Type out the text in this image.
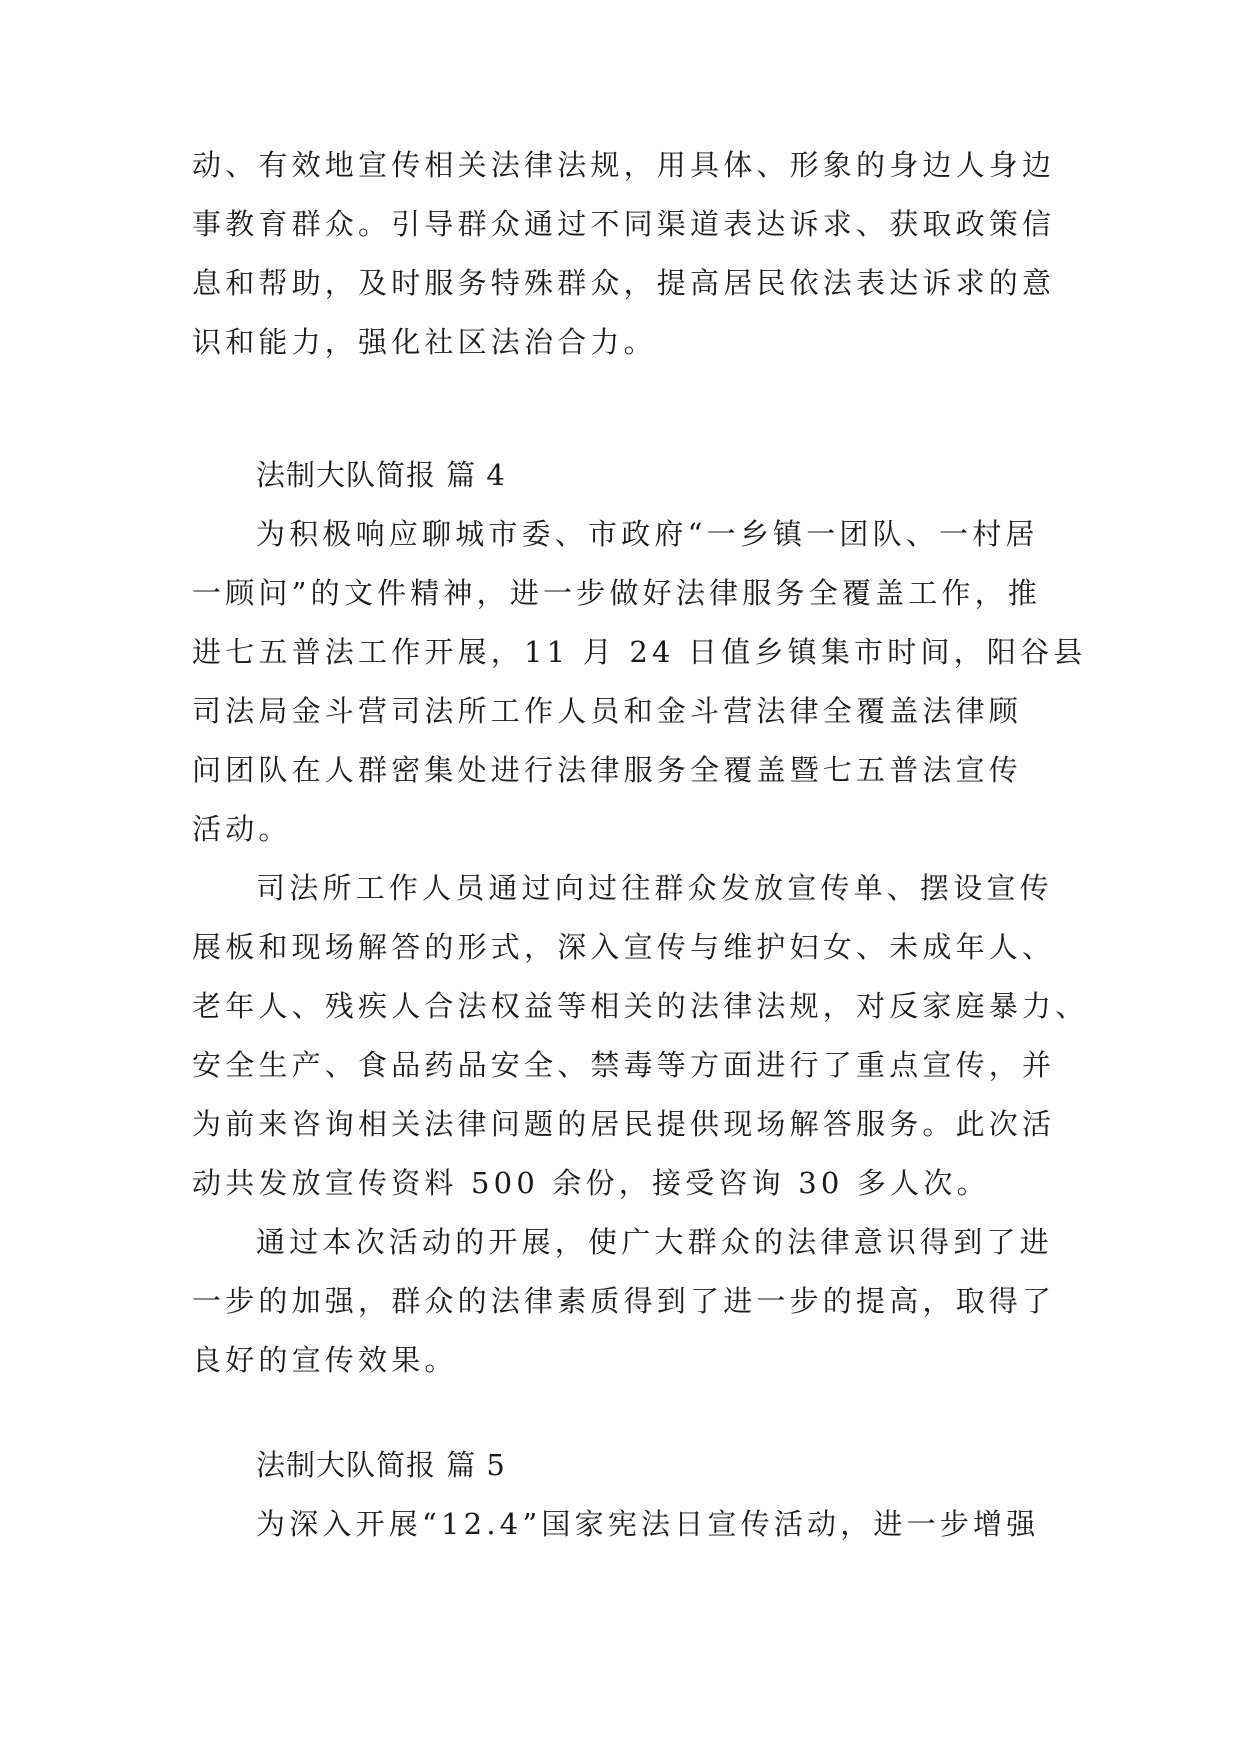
动、有效地宣传相关法律法规，用具体、形象的身边人身边
事教育群众。引导群众通过不同渠道表达诉求、获取政策信
息和帮助，及时服务特殊群众，提高居民依法表达诉求的意
识和能力，强化社区法治合力。
法制大队简报 篇 4
为积极响应聊城市委、市政府“一乡镇一团队、一村居
一顾问”的文件精神，进一步做好法律服务全覆盖工作，推
进七五普法工作开展，11 月 24 日值乡镇集市时间，阳谷县
司法局金斗营司法所工作人员和金斗营法律全覆盖法律顾
问团队在人群密集处进行法律服务全覆盖暨七五普法宣传
活动。
司法所工作人员通过向过往群众发放宣传单、摆设宣传
展板和现场解答的形式，深入宣传与维护妇女、未成年人、
老年人、残疾人合法权益等相关的法律法规，对反家庭暴力、
安全生产、食品药品安全、禁毒等方面进行了重点宣传，并
为前来咨询相关法律问题的居民提供现场解答服务。此次活
动共发放宣传资料 500 余份，接受咨询 30 多人次。
通过本次活动的开展，使广大群众的法律意识得到了进
一步的加强，群众的法律素质得到了进一步的提高，取得了
良好的宣传效果。
法制大队简报 篇 5
为深入开展“12.4”国家宪法日宣传活动，进一步增强
